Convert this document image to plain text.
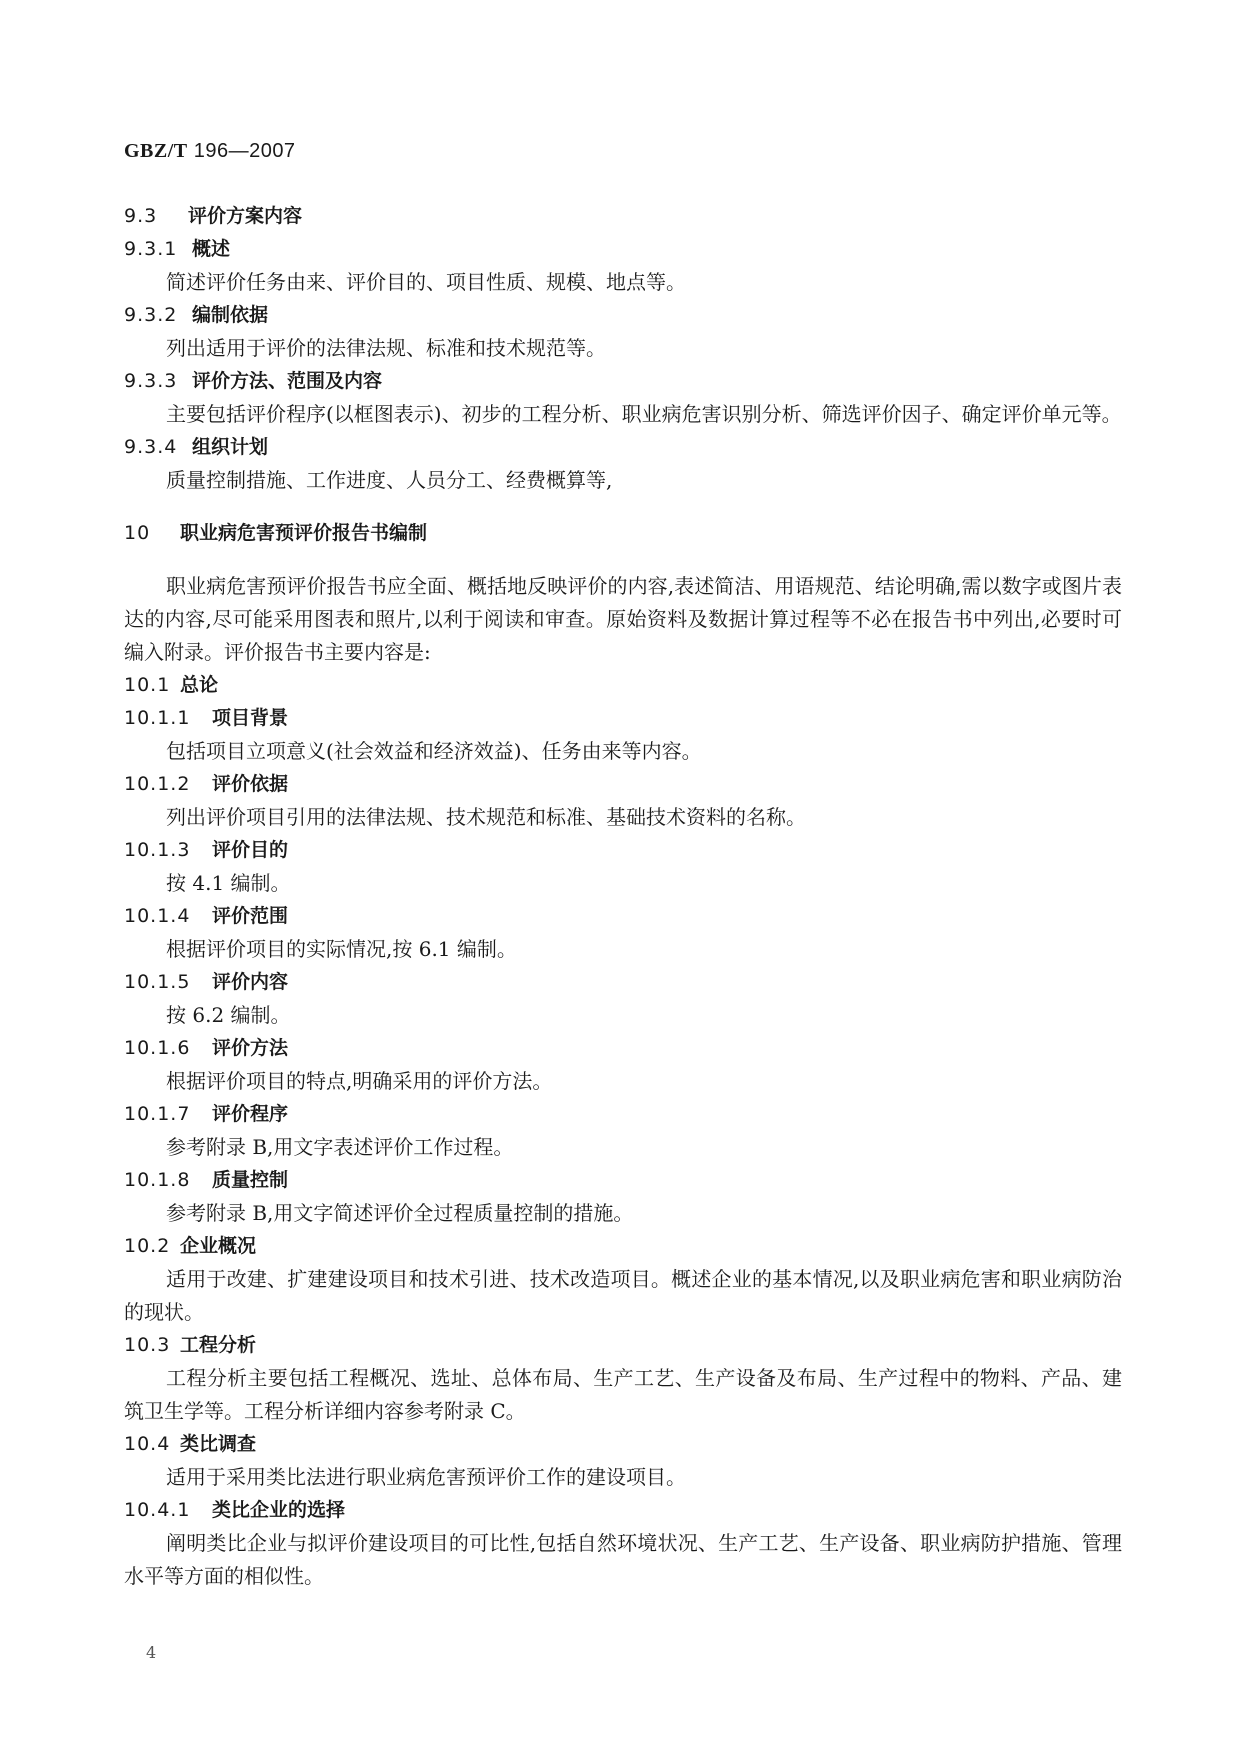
GBZ/T 196—2007
9.3 评价方案内容
9.3.1 概述
简述评价任务由来、评价目的、项目性质、规模、地点等。
9.3.2 编制依据
列出适用于评价的法律法规、标准和技术规范等。
9.3.3 评价方法、范围及内容
主要包括评价程序(以框图表示)、初步的工程分析、职业病危害识别分析、筛选评价因子、确定评价单元等。
9.3.4 组织计划
质量控制措施、工作进度、人员分工、经费概算等,
10 职业病危害预评价报告书编制
职业病危害预评价报告书应全面、概括地反映评价的内容,表述简洁、用语规范、结论明确,需以数字或图片表达的内容,尽可能采用图表和照片,以利于阅读和审查。原始资料及数据计算过程等不必在报告书中列出,必要时可编入附录。评价报告书主要内容是:
10.1 总论
10.1.1 项目背景
包括项目立项意义(社会效益和经济效益)、任务由来等内容。
10.1.2 评价依据
列出评价项目引用的法律法规、技术规范和标准、基础技术资料的名称。
10.1.3 评价目的
按 4.1 编制。
10.1.4 评价范围
根据评价项目的实际情况,按 6.1 编制。
10.1.5 评价内容
按 6.2 编制。
10.1.6 评价方法
根据评价项目的特点,明确采用的评价方法。
10.1.7 评价程序
参考附录 B,用文字表述评价工作过程。
10.1.8 质量控制
参考附录 B,用文字简述评价全过程质量控制的措施。
10.2 企业概况
适用于改建、扩建建设项目和技术引进、技术改造项目。概述企业的基本情况,以及职业病危害和职业病防治的现状。
10.3 工程分析
工程分析主要包括工程概况、选址、总体布局、生产工艺、生产设备及布局、生产过程中的物料、产品、建筑卫生学等。工程分析详细内容参考附录 C。
10.4 类比调查
适用于采用类比法进行职业病危害预评价工作的建设项目。
10.4.1 类比企业的选择
阐明类比企业与拟评价建设项目的可比性,包括自然环境状况、生产工艺、生产设备、职业病防护措施、管理水平等方面的相似性。
4
